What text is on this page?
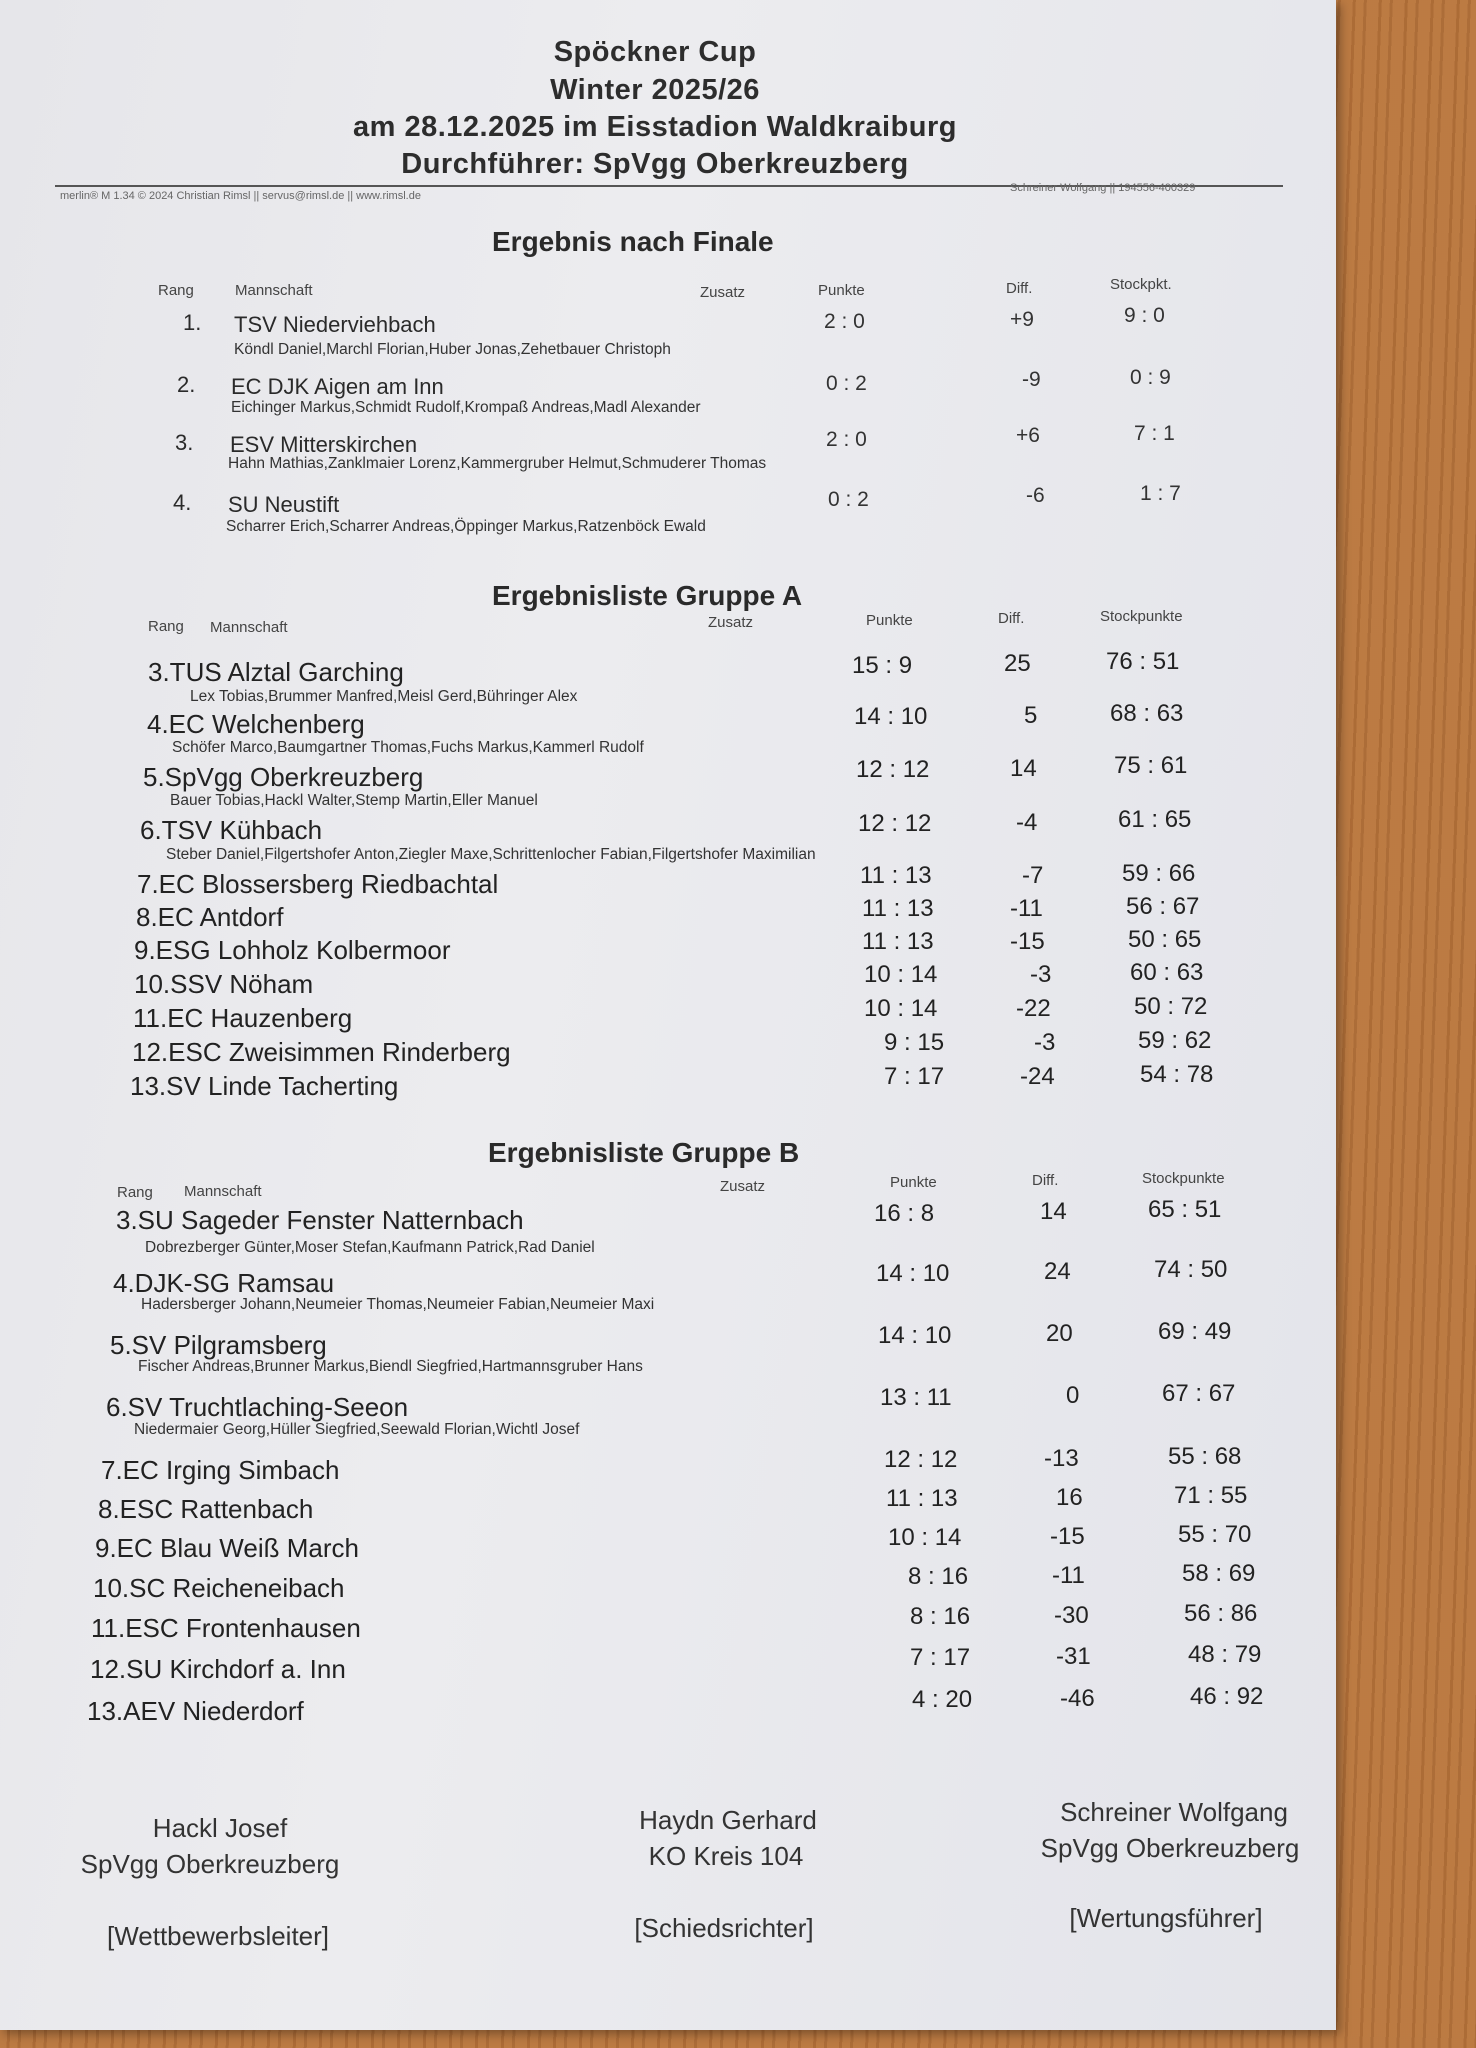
Spöckner Cup
Winter 2025/26
am 28.12.2025 im Eisstadion Waldkraiburg
Durchführer: SpVgg Oberkreuzberg
merlin® M 1.34 © 2024 Christian Rimsl || servus@rimsl.de || www.rimsl.de
Schreiner Wolfgang || 194556-400329
Ergebnis nach Finale
Rang	Mannschaft	Zusatz	Punkte	Diff.	Stockpkt.
1. TSV Niederviehbach
Köndl Daniel,Marchl Florian,Huber Jonas,Zehetbauer Christoph
2 : 0	+9	9 : 0
2. EC DJK Aigen am Inn
Eichinger Markus,Schmidt Rudolf,Krompaß Andreas,Madl Alexander
0 : 2	-9	0 : 9
3. ESV Mitterskirchen
Hahn Mathias,Zanklmaier Lorenz,Kammergruber Helmut,Schmuderer Thomas
2 : 0	+6	7 : 1
4. SU Neustift
Scharrer Erich,Scharrer Andreas,Öppinger Markus,Ratzenböck Ewald
0 : 2	-6	1 : 7
Ergebnisliste Gruppe A
Rang Mannschaft	Zusatz	Punkte	Diff.	Stockpunkte
3.TUS Alztal Garching
Lex Tobias,Brummer Manfred,Meisl Gerd,Bühringer Alex
15 : 9	25	76 : 51
4.EC Welchenberg
Schöfer Marco,Baumgartner Thomas,Fuchs Markus,Kammerl Rudolf
14 : 10	5	68 : 63
5.SpVgg Oberkreuzberg
Bauer Tobias,Hackl Walter,Stemp Martin,Eller Manuel
12 : 12	14	75 : 61
6.TSV Kühbach
Steber Daniel,Filgertshofer Anton,Ziegler Maxe,Schrittenlocher Fabian,Filgertshofer Maximilian
12 : 12	-4	61 : 65
7.EC Blossersberg Riedbachtal	11 : 13	-7	59 : 66
8.EC Antdorf	11 : 13	-11	56 : 67
9.ESG Lohholz Kolbermoor	11 : 13	-15	50 : 65
10.SSV Nöham	10 : 14	-3	60 : 63
11.EC Hauzenberg	10 : 14	-22	50 : 72
12.ESC Zweisimmen Rinderberg	9 : 15	-3	59 : 62
13.SV Linde Tacherting	7 : 17	-24	54 : 78
Ergebnisliste Gruppe B
Rang Mannschaft	Zusatz	Punkte	Diff.	Stockpunkte
3.SU Sageder Fenster Natternbach
Dobrezberger Günter,Moser Stefan,Kaufmann Patrick,Rad Daniel
16 : 8	14	65 : 51
4.DJK-SG Ramsau
Hadersberger Johann,Neumeier Thomas,Neumeier Fabian,Neumeier Maxi
14 : 10	24	74 : 50
5.SV Pilgramsberg
Fischer Andreas,Brunner Markus,Biendl Siegfried,Hartmannsgruber Hans
14 : 10	20	69 : 49
6.SV Truchtlaching-Seeon
Niedermaier Georg,Hüller Siegfried,Seewald Florian,Wichtl Josef
13 : 11	0	67 : 67
7.EC Irging Simbach	12 : 12	-13	55 : 68
8.ESC Rattenbach	11 : 13	16	71 : 55
9.EC Blau Weiß March	10 : 14	-15	55 : 70
10.SC Reicheneibach	8 : 16	-11	58 : 69
11.ESC Frontenhausen	8 : 16	-30	56 : 86
12.SU Kirchdorf a. Inn	7 : 17	-31	48 : 79
13.AEV Niederdorf	4 : 20	-46	46 : 92
Hackl Josef
SpVgg Oberkreuzberg
[Wettbewerbsleiter]
Haydn Gerhard
KO Kreis 104
[Schiedsrichter]
Schreiner Wolfgang
SpVgg Oberkreuzberg
[Wertungsführer]
